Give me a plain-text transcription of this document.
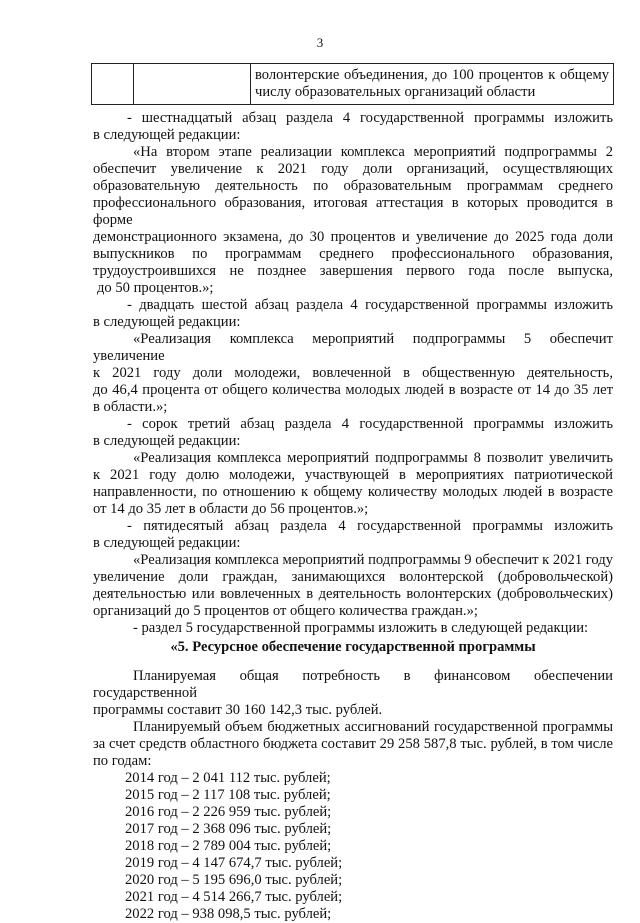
3
		волонтерские объединения, до 100 процентов к общему числу образовательных организаций области

- шестнадцатый абзац раздела 4 государственной программы изложить

в следующей редакции:

«На втором этапе реализации комплекса мероприятий подпрограммы 2

обеспечит увеличение к 2021 году доли организаций, осуществляющих

образовательную деятельность по образовательным программам среднего

профессионального образования, итоговая аттестация в которых проводится в форме

демонстрационного экзамена, до 30 процентов и увеличение до 2025 года доли

выпускников по программам среднего профессионального образования,

трудоустроившихся не позднее завершения первого года после выпуска,

до 50 процентов.»;

- двадцать шестой абзац раздела 4 государственной программы изложить

в следующей редакции:

«Реализация комплекса мероприятий подпрограммы 5 обеспечит увеличение

к 2021 году доли молодежи, вовлеченной в общественную деятельность,

до 46,4 процента от общего количества молодых людей в возрасте от 14 до 35 лет

в области.»;

- сорок третий абзац раздела 4 государственной программы изложить

в следующей редакции:

«Реализация комплекса мероприятий подпрограммы 8 позволит увеличить

к 2021 году долю молодежи, участвующей в мероприятиях патриотической

направленности, по отношению к общему количеству молодых людей в возрасте

от 14 до 35 лет в области до 56 процентов.»;

- пятидесятый абзац раздела 4 государственной программы изложить

в следующей редакции:

«Реализация комплекса мероприятий подпрограммы 9 обеспечит к 2021 году

увеличение доли граждан, занимающихся волонтерской (добровольческой)

деятельностью или вовлеченных в деятельность волонтерских (добровольческих)

организаций до 5 процентов от общего количества граждан.»;

- раздел 5 государственной программы изложить в следующей редакции:

«5. Ресурсное обеспечение государственной программы

Планируемая общая потребность в финансовом обеспечении государственной

программы составит 30 160 142,3 тыс. рублей.

Планируемый объем бюджетных ассигнований государственной программы

за счет средств областного бюджета составит 29 258 587,8 тыс. рублей, в том числе

по годам:

2014 год – 2 041 112 тыс. рублей;

2015 год – 2 117 108 тыс. рублей;

2016 год – 2 226 959 тыс. рублей;

2017 год – 2 368 096 тыс. рублей;

2018 год – 2 789 004 тыс. рублей;

2019 год – 4 147 674,7 тыс. рублей;

2020 год – 5 195 696,0 тыс. рублей;

2021 год – 4 514 266,7 тыс. рублей;

2022 год – 938 098,5 тыс. рублей;
